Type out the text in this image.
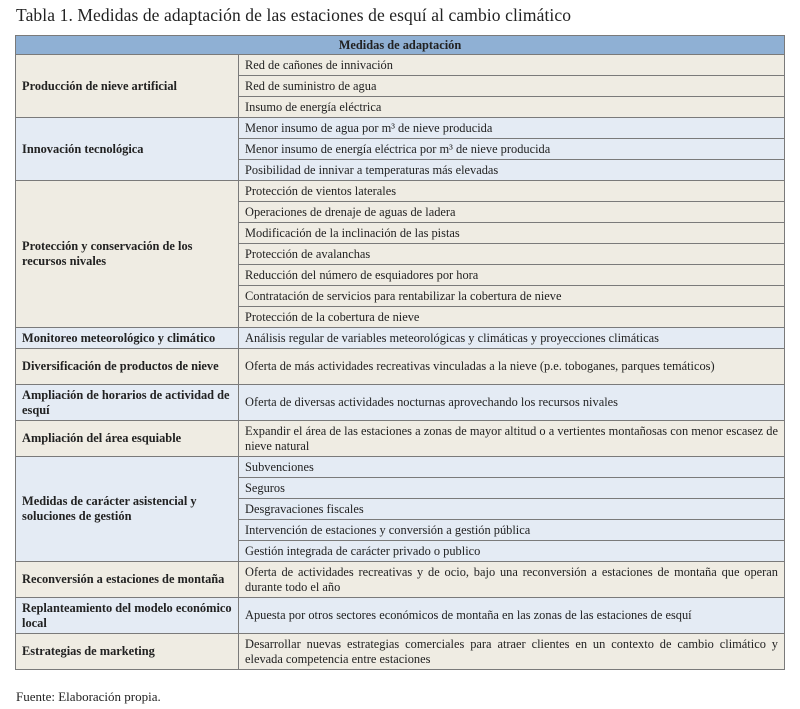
Tabla 1. Medidas de adaptación de las estaciones de esquí al cambio climático
Medidas de adaptación	
Producción de nieve artificial	Red de cañones de innivación
	Red de suministro de agua
	Insumo de energía eléctrica
Innovación tecnológica	Menor insumo de agua por m³ de nieve producida
	Menor insumo de energía eléctrica por m³ de nieve producida
	Posibilidad de innivar a temperaturas más elevadas
Protección y conservación de los recursos nivales	Protección de vientos laterales
	Operaciones de drenaje de aguas de ladera
	Modificación de la inclinación de las pistas
	Protección de avalanchas
	Reducción del número de esquiadores por hora
	Contratación de servicios para rentabilizar la cobertura de nieve
	Protección de la cobertura de nieve
Monitoreo meteorológico y climático	Análisis regular de variables meteorológicas y climáticas y proyecciones climáticas
Diversificación de productos de nieve	Oferta de más actividades recreativas vinculadas a la nieve (p.e. toboganes, parques temáticos)
Ampliación de horarios de actividad de esquí	Oferta de diversas actividades nocturnas aprovechando los recursos nivales
Ampliación del área esquiable	Expandir el área de las estaciones a zonas de mayor altitud o a vertientes montañosas con menor escasez de nieve natural
Medidas de carácter asistencial y soluciones de gestión	Subvenciones
	Seguros
	Desgravaciones fiscales
	Intervención de estaciones y conversión a gestión pública
	Gestión integrada de carácter privado o publico
Reconversión a estaciones de montaña	Oferta de actividades recreativas y de ocio, bajo una reconversión a estaciones de montaña que operan durante todo el año
Replanteamiento del modelo económico local	Apuesta por otros sectores económicos de montaña en las zonas de las estaciones de esquí
Estrategias de marketing	Desarrollar nuevas estrategias comerciales para atraer clientes en un contexto de cambio climático y elevada competencia entre estaciones
Fuente: Elaboración propia.
